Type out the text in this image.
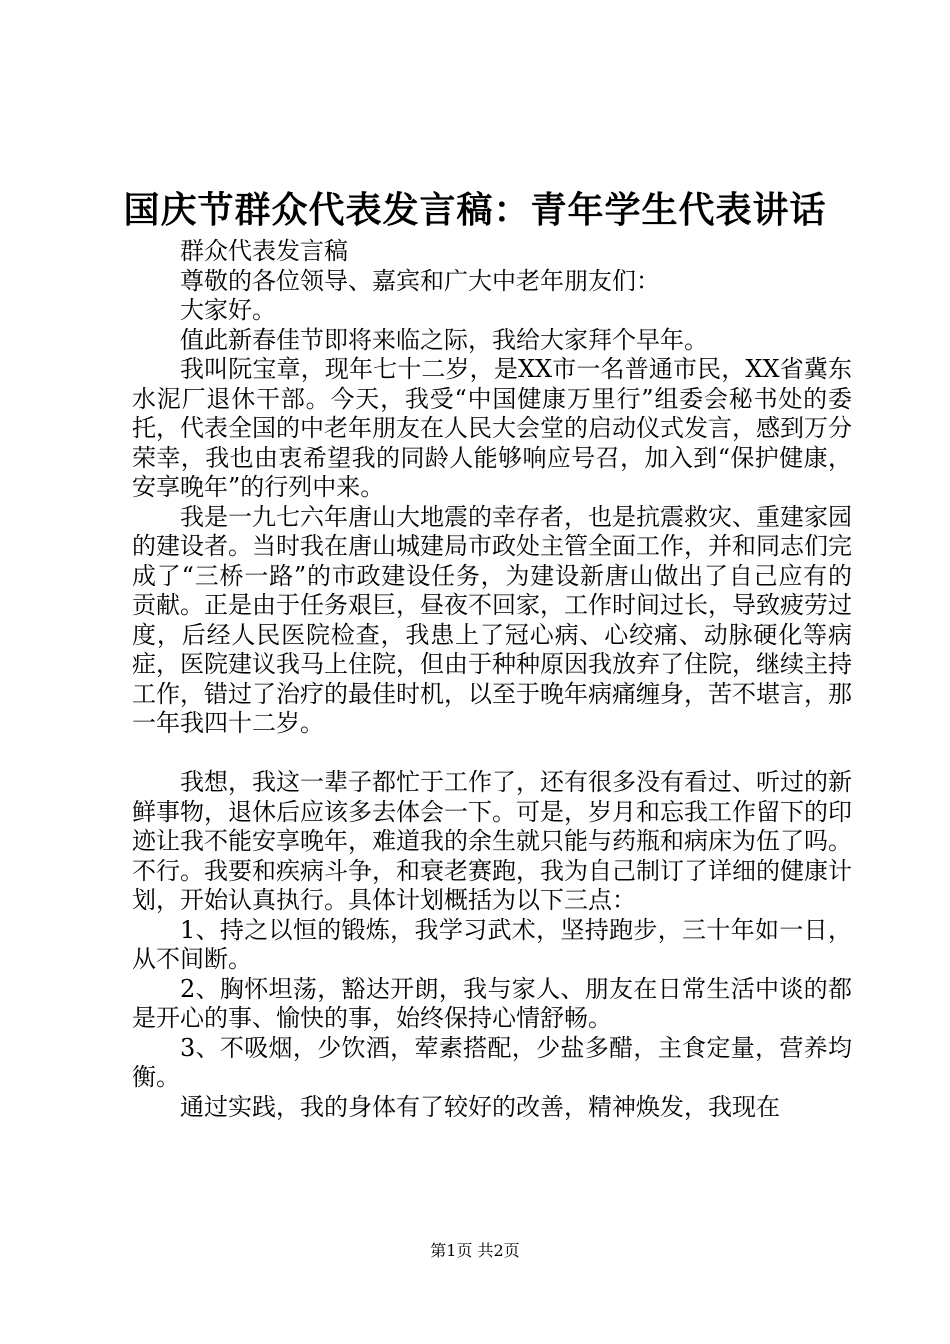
国庆节群众代表发言稿：青年学生代表讲话

群众代表发言稿

尊敬的各位领导、嘉宾和广大中老年朋友们：

大家好。

值此新春佳节即将来临之际，我给大家拜个早年。

我叫阮宝章，现年七十二岁，是XX市一名普通市民，XX省冀东水泥厂退休干部。今天，我受“中国健康万里行”组委会秘书处的委托，代表全国的中老年朋友在人民大会堂的启动仪式发言，感到万分荣幸，我也由衷希望我的同龄人能够响应号召，加入到“保护健康，安享晚年”的行列中来。

我是一九七六年唐山大地震的幸存者，也是抗震救灾、重建家园的建设者。当时我在唐山城建局市政处主管全面工作，并和同志们完成了“三桥一路”的市政建设任务，为建设新唐山做出了自己应有的贡献。正是由于任务艰巨，昼夜不回家，工作时间过长，导致疲劳过度，后经人民医院检查，我患上了冠心病、心绞痛、动脉硬化等病症，医院建议我马上住院，但由于种种原因我放弃了住院，继续主持工作，错过了治疗的最佳时机，以至于晚年病痛缠身，苦不堪言，那一年我四十二岁。

我想，我这一辈子都忙于工作了，还有很多没有看过、听过的新鲜事物，退休后应该多去体会一下。可是，岁月和忘我工作留下的印迹让我不能安享晚年，难道我的余生就只能与药瓶和病床为伍了吗。不行。我要和疾病斗争，和衰老赛跑，我为自己制订了详细的健康计划，开始认真执行。具体计划概括为以下三点：

1、持之以恒的锻炼，我学习武术，坚持跑步，三十年如一日，从不间断。

2、胸怀坦荡，豁达开朗，我与家人、朋友在日常生活中谈的都是开心的事、愉快的事，始终保持心情舒畅。

3、不吸烟，少饮酒，荤素搭配，少盐多醋，主食定量，营养均衡。

通过实践，我的身体有了较好的改善，精神焕发，我现在

第1页 共2页
